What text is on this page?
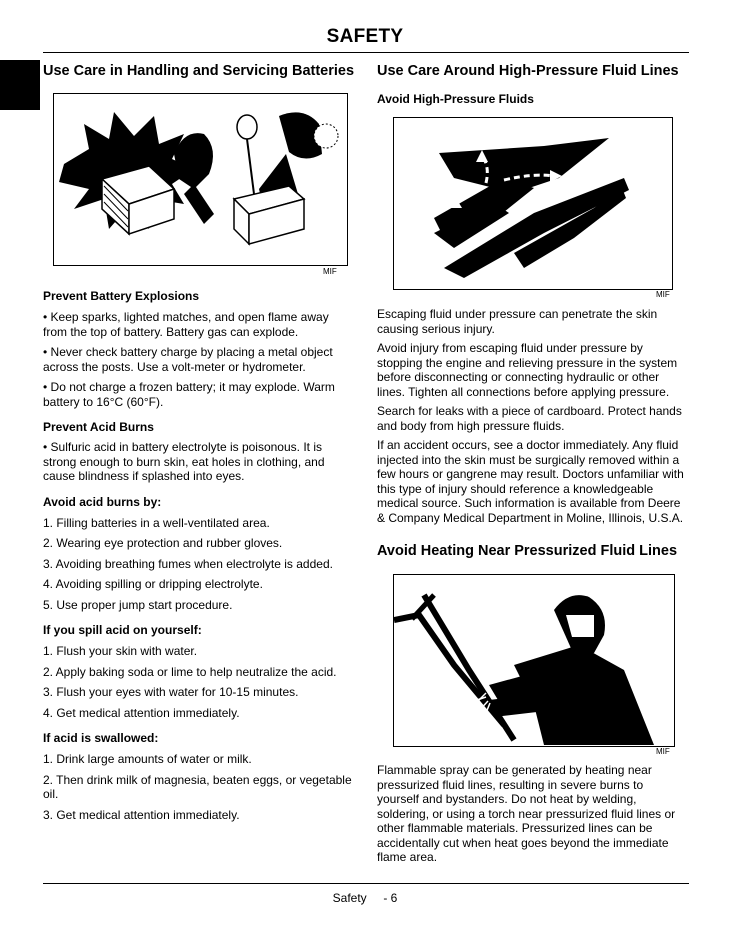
SAFETY
Use Care in Handling and Servicing Batteries
MIF
Prevent Battery Explosions

• Keep sparks, lighted matches, and open flame away from the top of battery. Battery gas can explode.

• Never check battery charge by placing a metal object across the posts. Use a volt-meter or hydrometer.

• Do not charge a frozen battery; it may explode. Warm battery to 16°C (60°F).

Prevent Acid Burns

• Sulfuric acid in battery electrolyte is poisonous. It is strong enough to burn skin, eat holes in clothing, and cause blindness if splashed into eyes.

Avoid acid burns by:

1. Filling batteries in a well-ventilated area.

2. Wearing eye protection and rubber gloves.

3. Avoiding breathing fumes when electrolyte is added.

4. Avoiding spilling or dripping electrolyte.

5. Use proper jump start procedure.

If you spill acid on yourself:

1. Flush your skin with water.

2. Apply baking soda or lime to help neutralize the acid.

3. Flush your eyes with water for 10-15 minutes.

4. Get medical attention immediately.

If acid is swallowed:

1. Drink large amounts of water or milk.

2. Then drink milk of magnesia, beaten eggs, or vegetable oil.

3. Get medical attention immediately.

Use Care Around High-Pressure Fluid Lines
Avoid High-Pressure Fluids
MIF

Escaping fluid under pressure can penetrate the skin causing serious injury.

Avoid injury from escaping fluid under pressure by stopping the engine and relieving pressure in the system before disconnecting or connecting hydraulic or other lines. Tighten all connections before applying pressure.

Search for leaks with a piece of cardboard. Protect hands and body from high pressure fluids.

If an accident occurs, see a doctor immediately. Any fluid injected into the skin must be surgically removed within a few hours or gangrene may result. Doctors unfamiliar with this type of injury should reference a knowledgeable medical source. Such information is available from Deere & Company Medical Department in Moline, Illinois, U.S.A.

Avoid Heating Near Pressurized Fluid Lines
MIF

Flammable spray can be generated by heating near pressurized fluid lines, resulting in severe burns to yourself and bystanders. Do not heat by welding, soldering, or using a torch near pressurized fluid lines or other flammable materials. Pressurized lines can be accidentally cut when heat goes beyond the immediate flame area.

Safety     - 6
